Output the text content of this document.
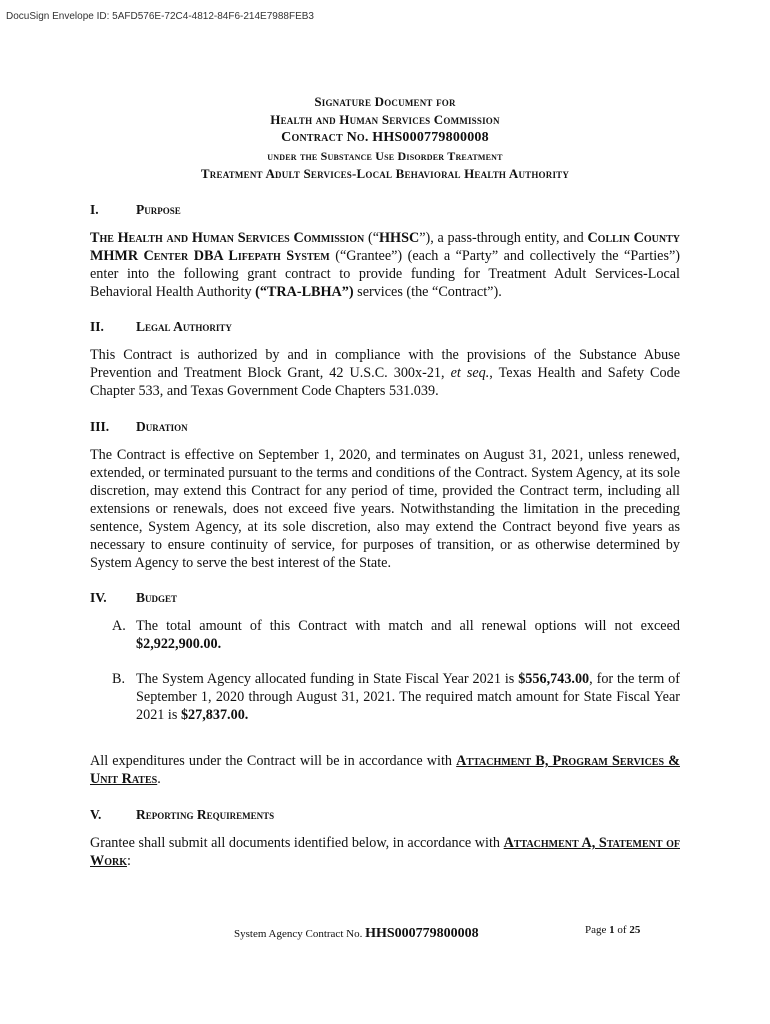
DocuSign Envelope ID: 5AFD576E-72C4-4812-84F6-214E7988FEB3
Signature Document for
Health and Human Services Commission
Contract No. HHS000779800008
under the Substance Use Disorder Treatment
Treatment Adult Services-Local Behavioral Health Authority
I.	Purpose
The Health and Human Services Commission (“HHSC”), a pass-through entity, and Collin County MHMR Center DBA Lifepath System (“Grantee”) (each a “Party” and collectively the “Parties”) enter into the following grant contract to provide funding for Treatment Adult Services-Local Behavioral Health Authority (“TRA-LBHA”) services (the “Contract”).
II. Legal Authority
This Contract is authorized by and in compliance with the provisions of the Substance Abuse Prevention and Treatment Block Grant, 42 U.S.C. 300x-21, et seq., Texas Health and Safety Code Chapter 533, and Texas Government Code Chapters 531.039.
III. Duration
The Contract is effective on September 1, 2020, and terminates on August 31, 2021, unless renewed, extended, or terminated pursuant to the terms and conditions of the Contract. System Agency, at its sole discretion, may extend this Contract for any period of time, provided the Contract term, including all extensions or renewals, does not exceed five years. Notwithstanding the limitation in the preceding sentence, System Agency, at its sole discretion, also may extend the Contract beyond five years as necessary to ensure continuity of service, for purposes of transition, or as otherwise determined by System Agency to serve the best interest of the State.
IV. Budget
A. The total amount of this Contract with match and all renewal options will not exceed $2,922,900.00.
B. The System Agency allocated funding in State Fiscal Year 2021 is $556,743.00, for the term of September 1, 2020 through August 31, 2021. The required match amount for State Fiscal Year 2021 is $27,837.00.
All expenditures under the Contract will be in accordance with Attachment B, Program Services & Unit Rates.
V.	Reporting Requirements
Grantee shall submit all documents identified below, in accordance with Attachment A, Statement of Work:
System Agency Contract No. HHS000779800008	Page 1 of 25
